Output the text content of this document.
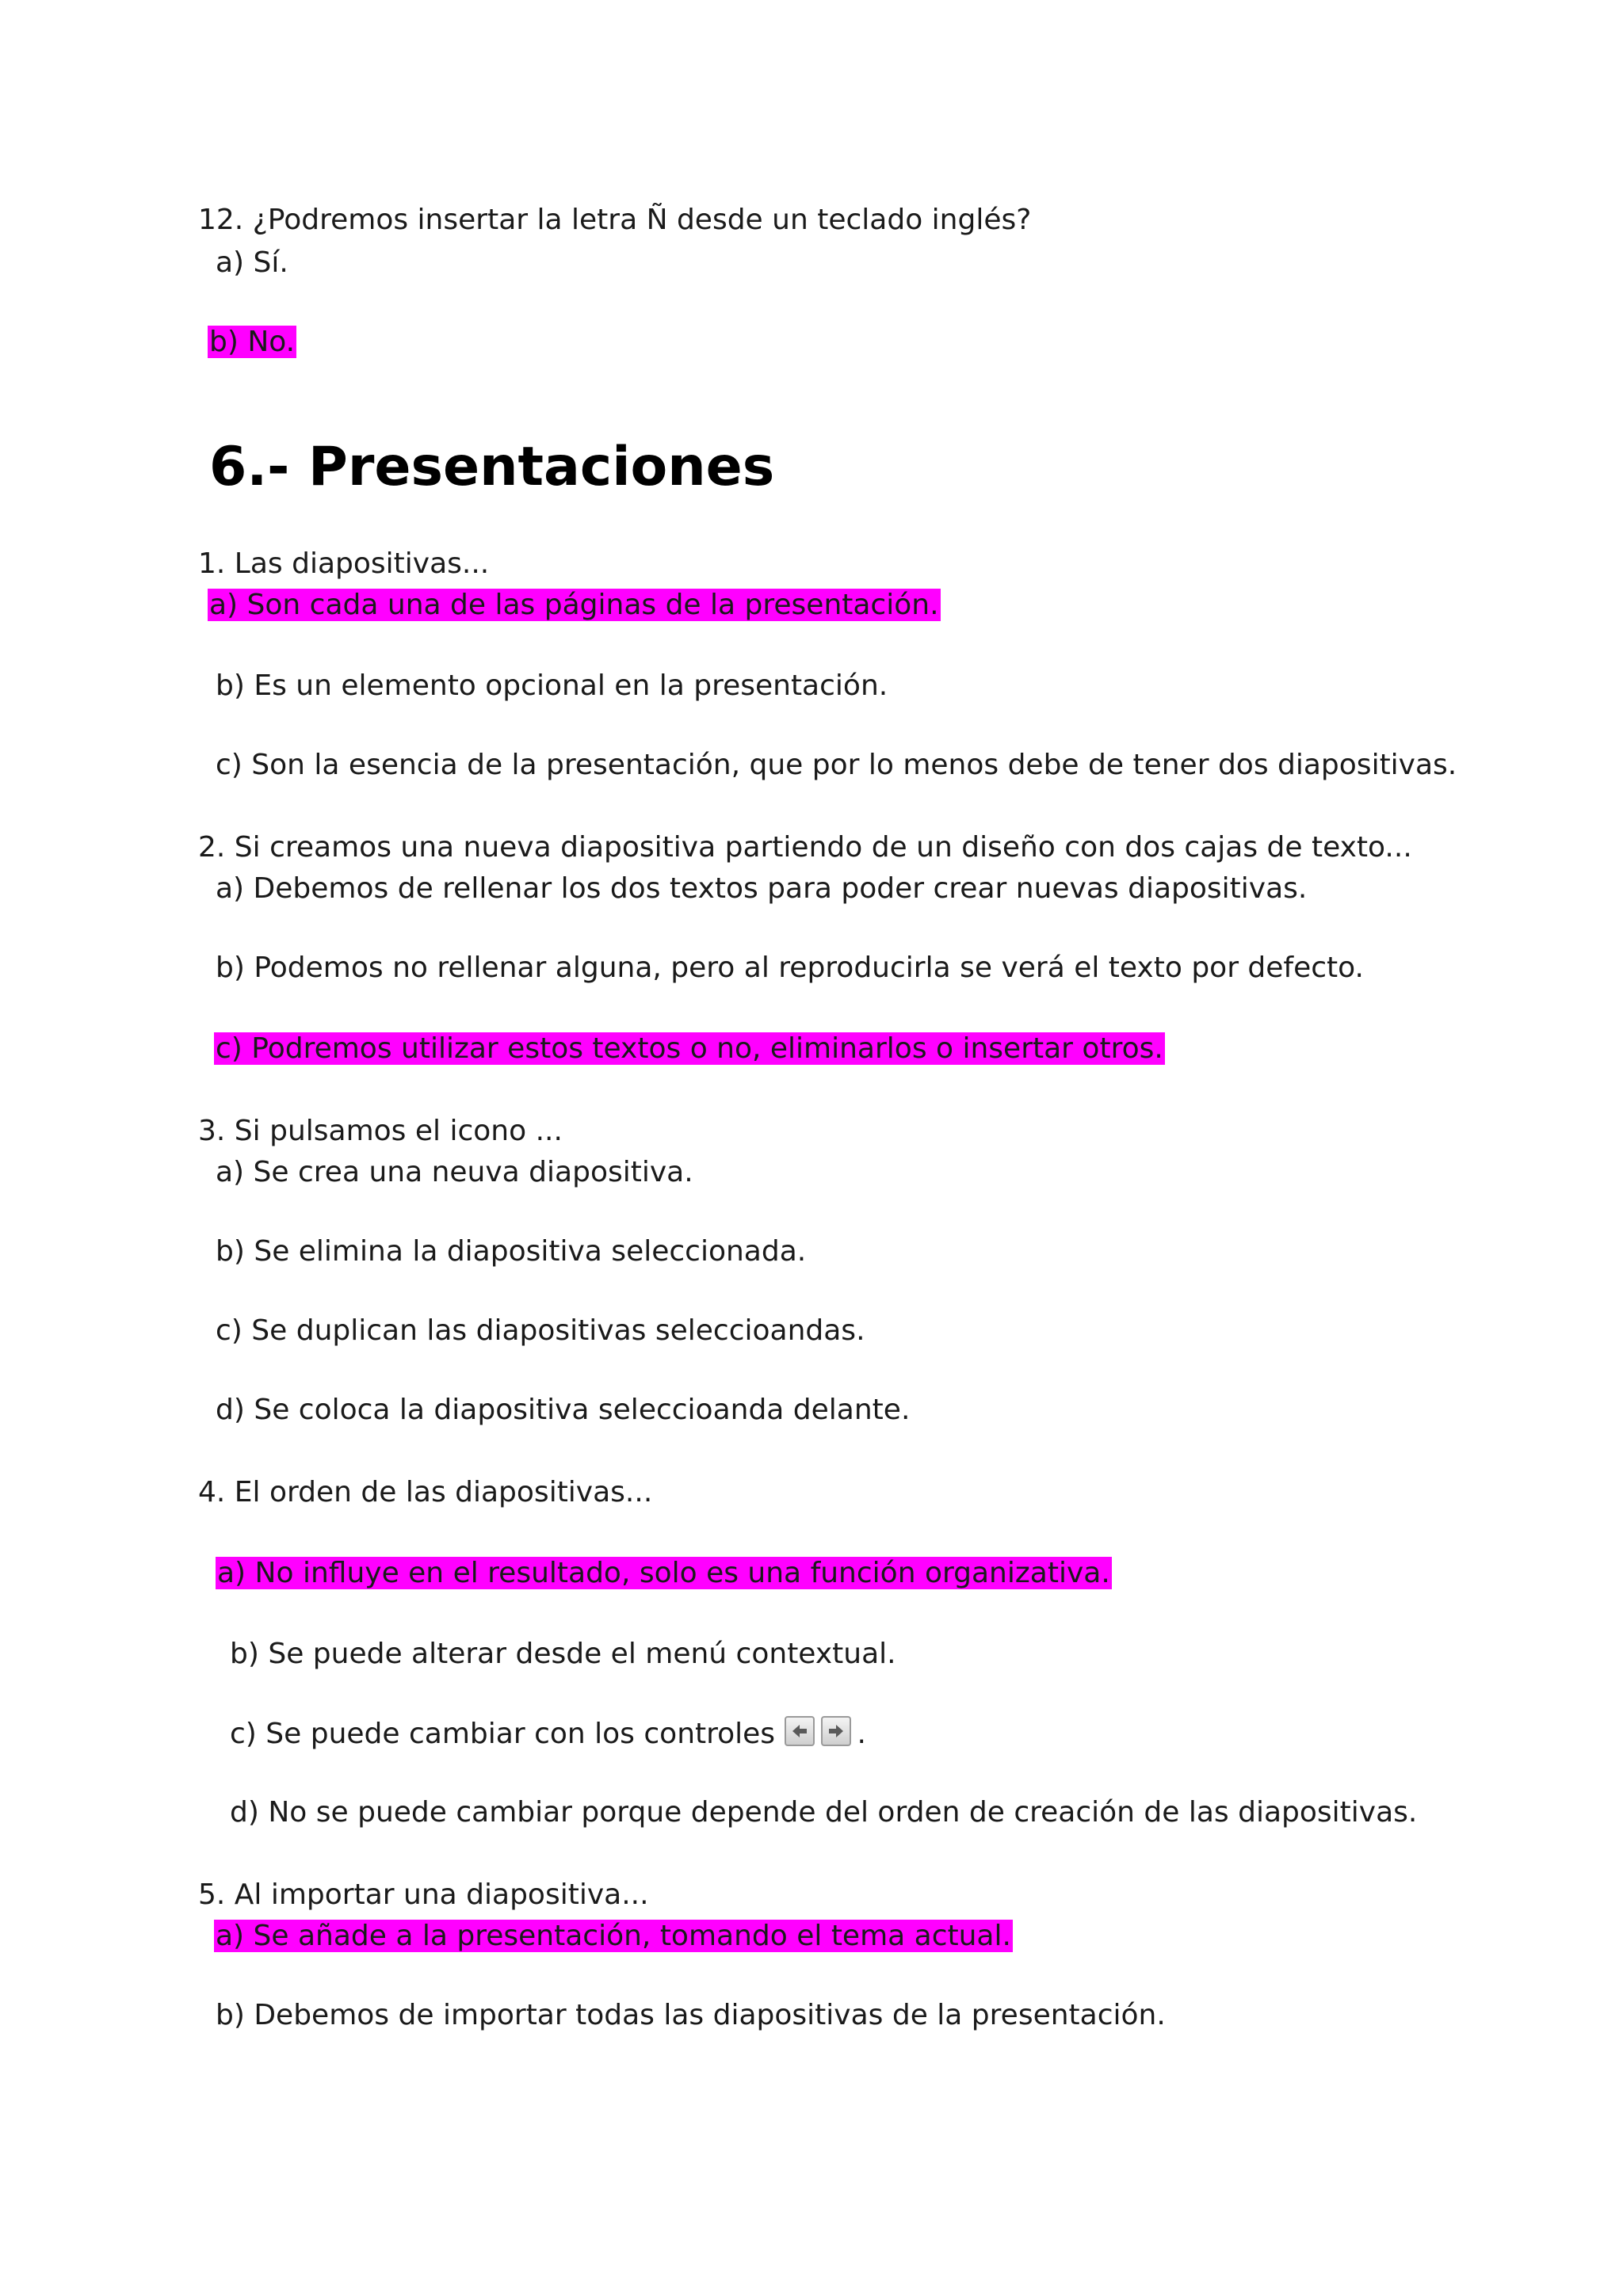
12. ¿Podremos insertar la letra Ñ desde un teclado inglés?
a) Sí.
b) No.
6.- Presentaciones
1. Las diapositivas...
a) Son cada una de las páginas de la presentación.
b) Es un elemento opcional en la presentación.
c) Son la esencia de la presentación, que por lo menos debe de tener dos diapositivas.
2. Si creamos una nueva diapositiva partiendo de un diseño con dos cajas de texto...
a) Debemos de rellenar los dos textos para poder crear nuevas diapositivas.
b) Podemos no rellenar alguna, pero al reproducirla se verá el texto por defecto.
c) Podremos utilizar estos textos o no, eliminarlos o insertar otros.
3. Si pulsamos el icono ...
a) Se crea una neuva diapositiva.
b) Se elimina la diapositiva seleccionada.
c) Se duplican las diapositivas seleccioandas.
d) Se coloca la diapositiva seleccioanda delante.
4. El orden de las diapositivas...
a) No influye en el resultado, solo es una función organizativa.
b) Se puede alterar desde el menú contextual.
c) Se puede cambiar con los controles	.
d) No se puede cambiar porque depende del orden de creación de las diapositivas.
5. Al importar una diapositiva...
a) Se añade a la presentación, tomando el tema actual.
b) Debemos de importar todas las diapositivas de la presentación.
